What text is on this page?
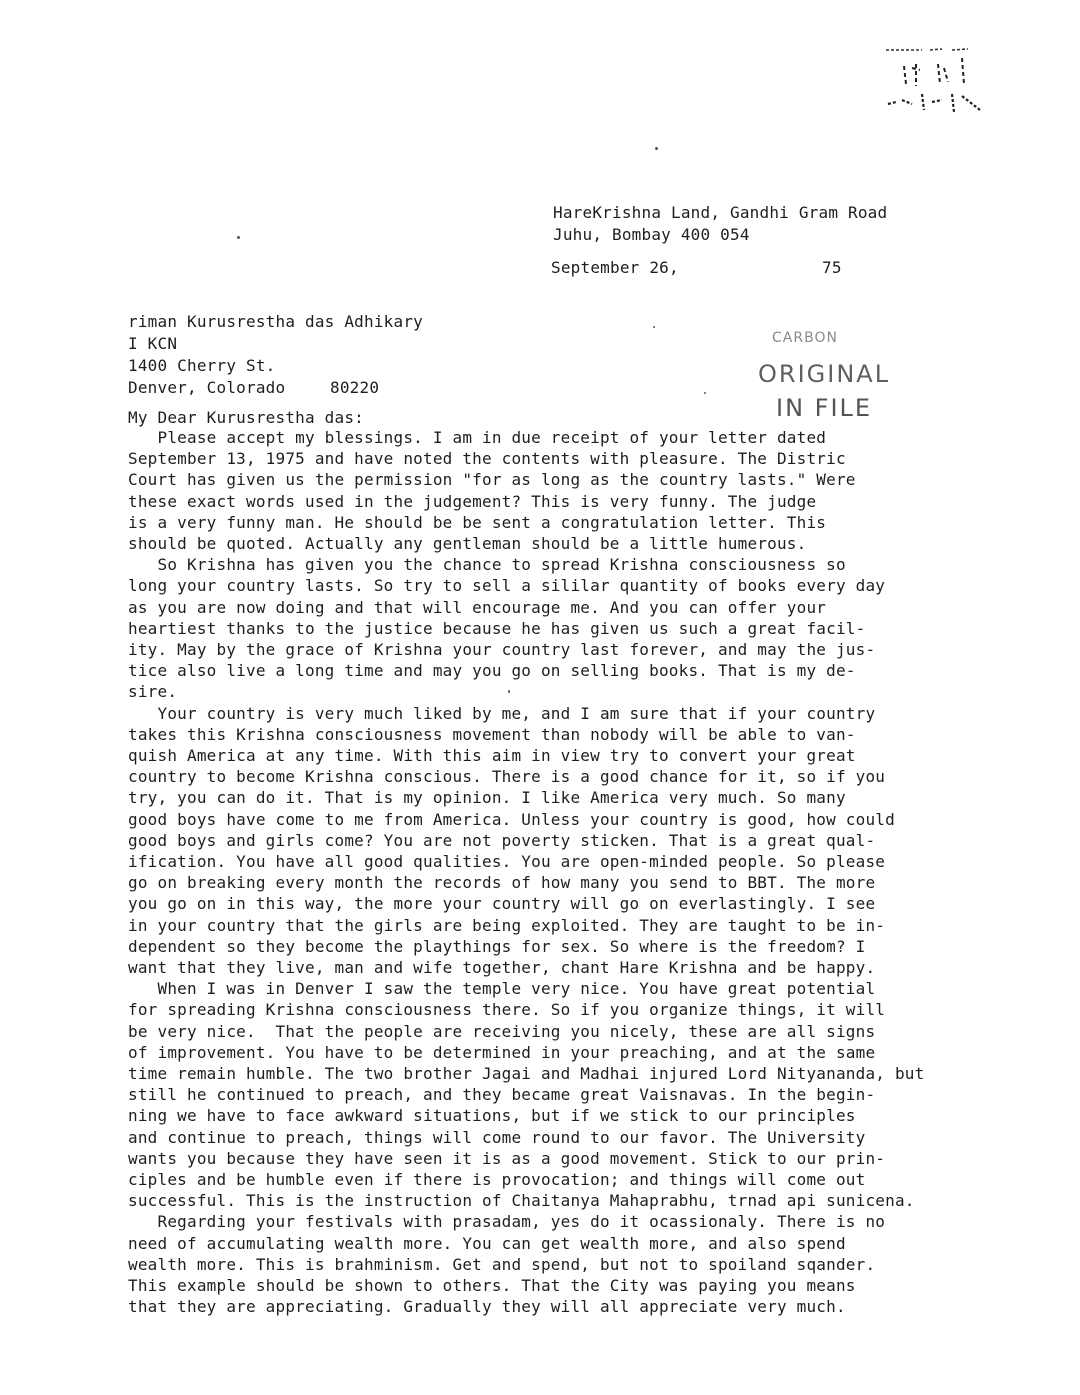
HareKrishna Land, Gandhi Gram Road
Juhu, Bombay 400 054
September 26,	75
riman Kurusrestha das Adhikary
I KCN
1400 Cherry St.
Denver, Colorado	80220
CARBON
ORIGINAL
IN FILE
My Dear Kurusrestha das:
Please accept my blessings. I am in due receipt of your letter dated
September 13, 1975 and have noted the contents with pleasure. The Distric
Court has given us the permission "for as long as the country lasts." Were
these exact words used in the judgement? This is very funny. The judge
is a very funny man. He should be be sent a congratulation letter. This
should be quoted. Actually any gentleman should be a little humerous.
So Krishna has given you the chance to spread Krishna consciousness so
long your country lasts. So try to sell a sililar quantity of books every day
as you are now doing and that will encourage me. And you can offer your
heartiest thanks to the justice because he has given us such a great facil-
ity. May by the grace of Krishna your country last forever, and may the jus-
tice also live a long time and may you go on selling books. That is my de-
sire.
Your country is very much liked by me, and I am sure that if your country
takes this Krishna consciousness movement than nobody will be able to van-
quish America at any time. With this aim in view try to convert your great
country to become Krishna conscious. There is a good chance for it, so if you
try, you can do it. That is my opinion. I like America very much. So many
good boys have come to me from America. Unless your country is good, how could
good boys and girls come? You are not poverty sticken. That is a great qual-
ification. You have all good qualities. You are open-minded people. So please
go on breaking every month the records of how many you send to BBT. The more
you go on in this way, the more your country will go on everlastingly. I see
in your country that the girls are being exploited. They are taught to be in-
dependent so they become the playthings for sex. So where is the freedom? I
want that they live, man and wife together, chant Hare Krishna and be happy.
When I was in Denver I saw the temple very nice. You have great potential
for spreading Krishna consciousness there. So if you organize things, it will
be very nice.  That the people are receiving you nicely, these are all signs
of improvement. You have to be determined in your preaching, and at the same
time remain humble. The two brother Jagai and Madhai injured Lord Nityananda, but
still he continued to preach, and they became great Vaisnavas. In the begin-
ning we have to face awkward situations, but if we stick to our principles
and continue to preach, things will come round to our favor. The University
wants you because they have seen it is as a good movement. Stick to our prin-
ciples and be humble even if there is provocation; and things will come out
successful. This is the instruction of Chaitanya Mahaprabhu, trnad api sunicena.
Regarding your festivals with prasadam, yes do it ocassionaly. There is no
need of accumulating wealth more. You can get wealth more, and also spend
wealth more. This is brahminism. Get and spend, but not to spoiland sqander.
This example should be shown to others. That the City was paying you means
that they are appreciating. Gradually they will all appreciate very much.
